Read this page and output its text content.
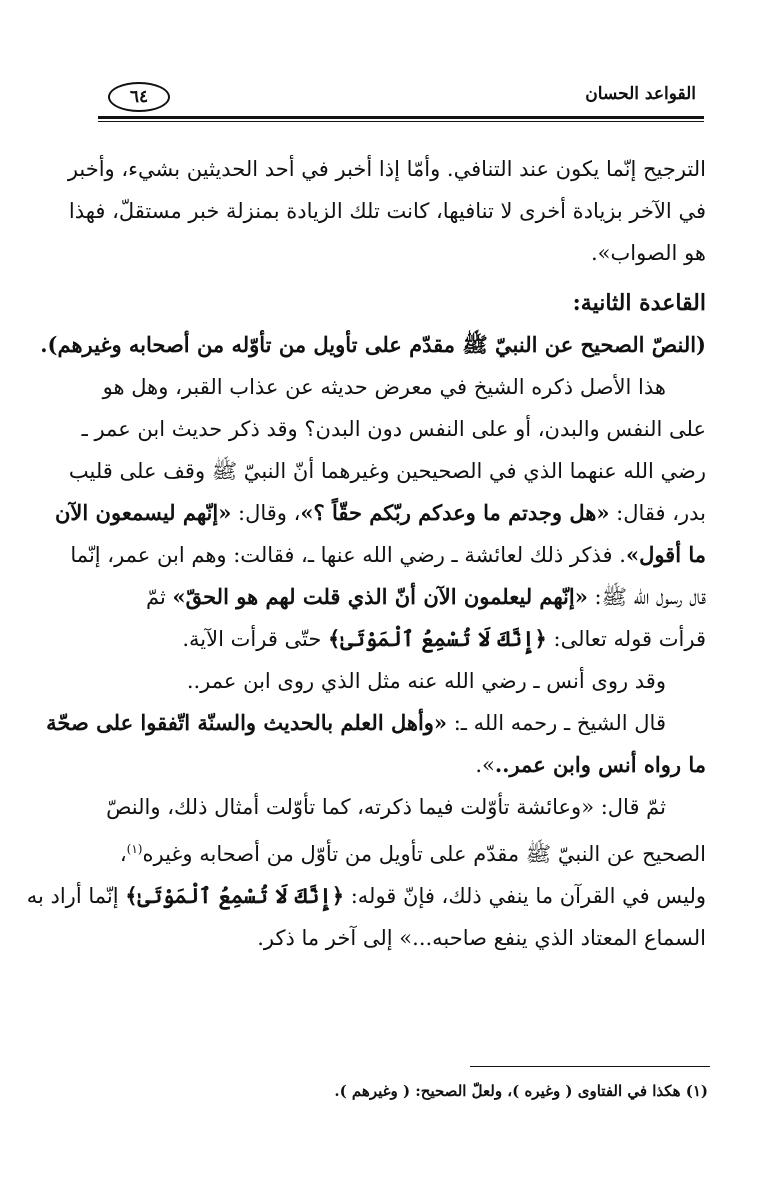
القواعد الحسان
٦٤
الترجيح إنّما يكون عند التنافي. وأمّا إذا أخبر في أحد الحديثين بشيء، وأخبر
في الآخر بزيادة أخرى لا تنافيها، كانت تلك الزيادة بمنزلة خبر مستقلّ، فهذا
هو الصواب».
القاعدة الثانية:
(النصّ الصحيح عن النبيّ ﷺ مقدّم على تأويل من تأوّله من أصحابه وغيرهم).
هذا الأصل ذكره الشيخ في معرض حديثه عن عذاب القبر، وهل هو
على النفس والبدن، أو على النفس دون البدن؟ وقد ذكر حديث ابن عمر ـ
رضي الله عنهما الذي في الصحيحين وغيرهما أنّ النبيّ ﷺ وقف على قليب
بدر، فقال: «هل وجدتم ما وعدكم ربّكم حقّاً ؟»، وقال: «إنّهم ليسمعون الآن
ما أقول». فذكر ذلك لعائشة ـ رضي الله عنها ـ، فقالت: وهم ابن عمر، إنّما
قال رسول الله ﷺ: «إنّهم ليعلمون الآن أنّ الذي قلت لهم هو الحقّ» ثمّ
قرأت قوله تعالى: ﴿إِنَّكَ لَا تُسْمِعُ ٱلْمَوْتَىٰ﴾ حتّى قرأت الآية.
وقد روى أنس ـ رضي الله عنه مثل الذي روى ابن عمر..
قال الشيخ ـ رحمه الله ـ: «وأهل العلم بالحديث والسنّة اتّفقوا على صحّة
ما رواه أنس وابن عمر..».
ثمّ قال: «وعائشة تأوّلت فيما ذكرته، كما تأوّلت أمثال ذلك، والنصّ
الصحيح عن النبيّ ﷺ مقدّم على تأويل من تأوّل من أصحابه وغيره$^{(١)}$،
وليس في القرآن ما ينفي ذلك، فإنّ قوله: ﴿إِنَّكَ لَا تُسْمِعُ ٱلْمَوْتَىٰ﴾ إنّما أراد به
السماع المعتاد الذي ينفع صاحبه...» إلى آخر ما ذكر.
(١) هكذا في الفتاوى ( وغيره )، ولعلّ الصحيح: ( وغيرهم ).
